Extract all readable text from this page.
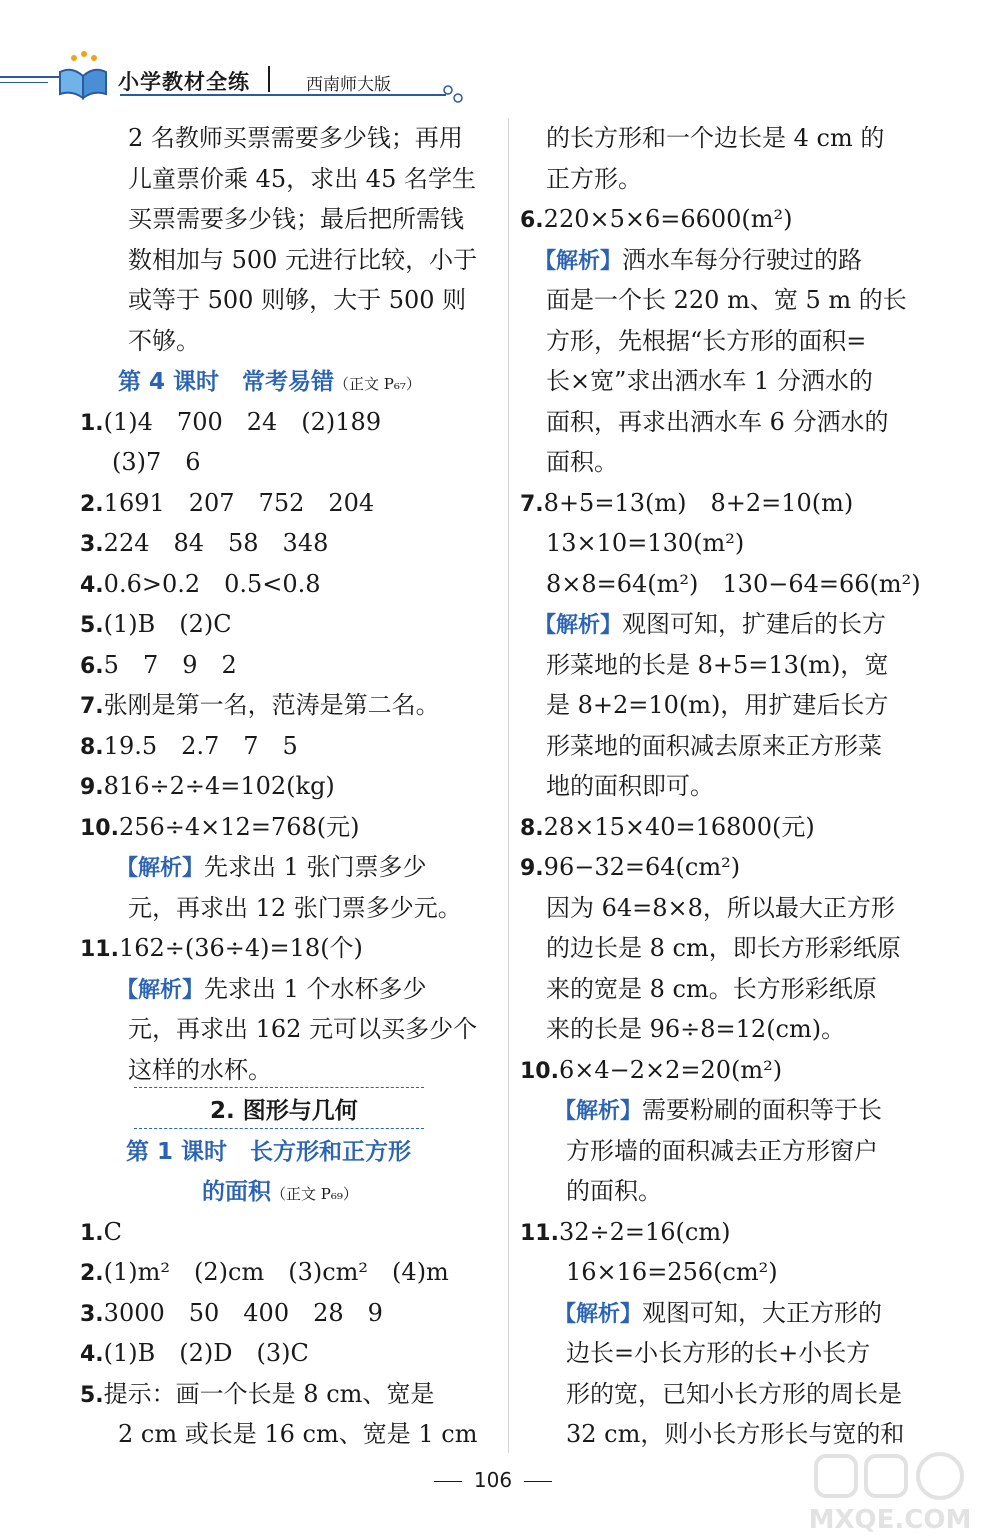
小学教材全练	西南师大版
2 名教师买票需要多少钱；再用
儿童票价乘 45，求出 45 名学生
买票需要多少钱；最后把所需钱
数相加与 500 元进行比较，小于
或等于 500 则够，大于 500 则
不够。
第 4 课时　常考易错（正文 P₆₇）
1.(1)4　700　24　(2)189
(3)7　6
2.1691　207　752　204
3.224　84　58　348
4.0.6>0.2　0.5<0.8
5.(1)B　(2)C
6.5　7　9　2
7.张刚是第一名，范涛是第二名。
8.19.5　2.7　7　5
9.816÷2÷4=102(kg)
10.256÷4×12=768(元)
【解析】先求出 1 张门票多少
元，再求出 12 张门票多少元。
11.162÷(36÷4)=18(个)
【解析】先求出 1 个水杯多少
元，再求出 162 元可以买多少个
这样的水杯。
2. 图形与几何
第 1 课时　长方形和正方形
的面积（正文 P₆₉）
1.C
2.(1)m²　(2)cm　(3)cm²　(4)m
3.3000　50　400　28　9
4.(1)B　(2)D　(3)C
5.提示：画一个长是 8 cm、宽是
2 cm 或长是 16 cm、宽是 1 cm
的长方形和一个边长是 4 cm 的
正方形。
6.220×5×6=6600(m²)
【解析】洒水车每分行驶过的路
面是一个长 220 m、宽 5 m 的长
方形，先根据“长方形的面积=
长×宽”求出洒水车 1 分洒水的
面积，再求出洒水车 6 分洒水的
面积。
7.8+5=13(m)　8+2=10(m)
13×10=130(m²)
8×8=64(m²)　130−64=66(m²)
【解析】观图可知，扩建后的长方
形菜地的长是 8+5=13(m)，宽
是 8+2=10(m)，用扩建后长方
形菜地的面积减去原来正方形菜
地的面积即可。
8.28×15×40=16800(元)
9.96−32=64(cm²)
因为 64=8×8，所以最大正方形
的边长是 8 cm，即长方形彩纸原
来的宽是 8 cm。长方形彩纸原
来的长是 96÷8=12(cm)。
10.6×4−2×2=20(m²)
【解析】需要粉刷的面积等于长
方形墙的面积减去正方形窗户
的面积。
11.32÷2=16(cm)
16×16=256(cm²)
【解析】观图可知，大正方形的
边长=小长方形的长+小长方
形的宽，已知小长方形的周长是
32 cm，则小长方形长与宽的和
106
MXQE.COM
